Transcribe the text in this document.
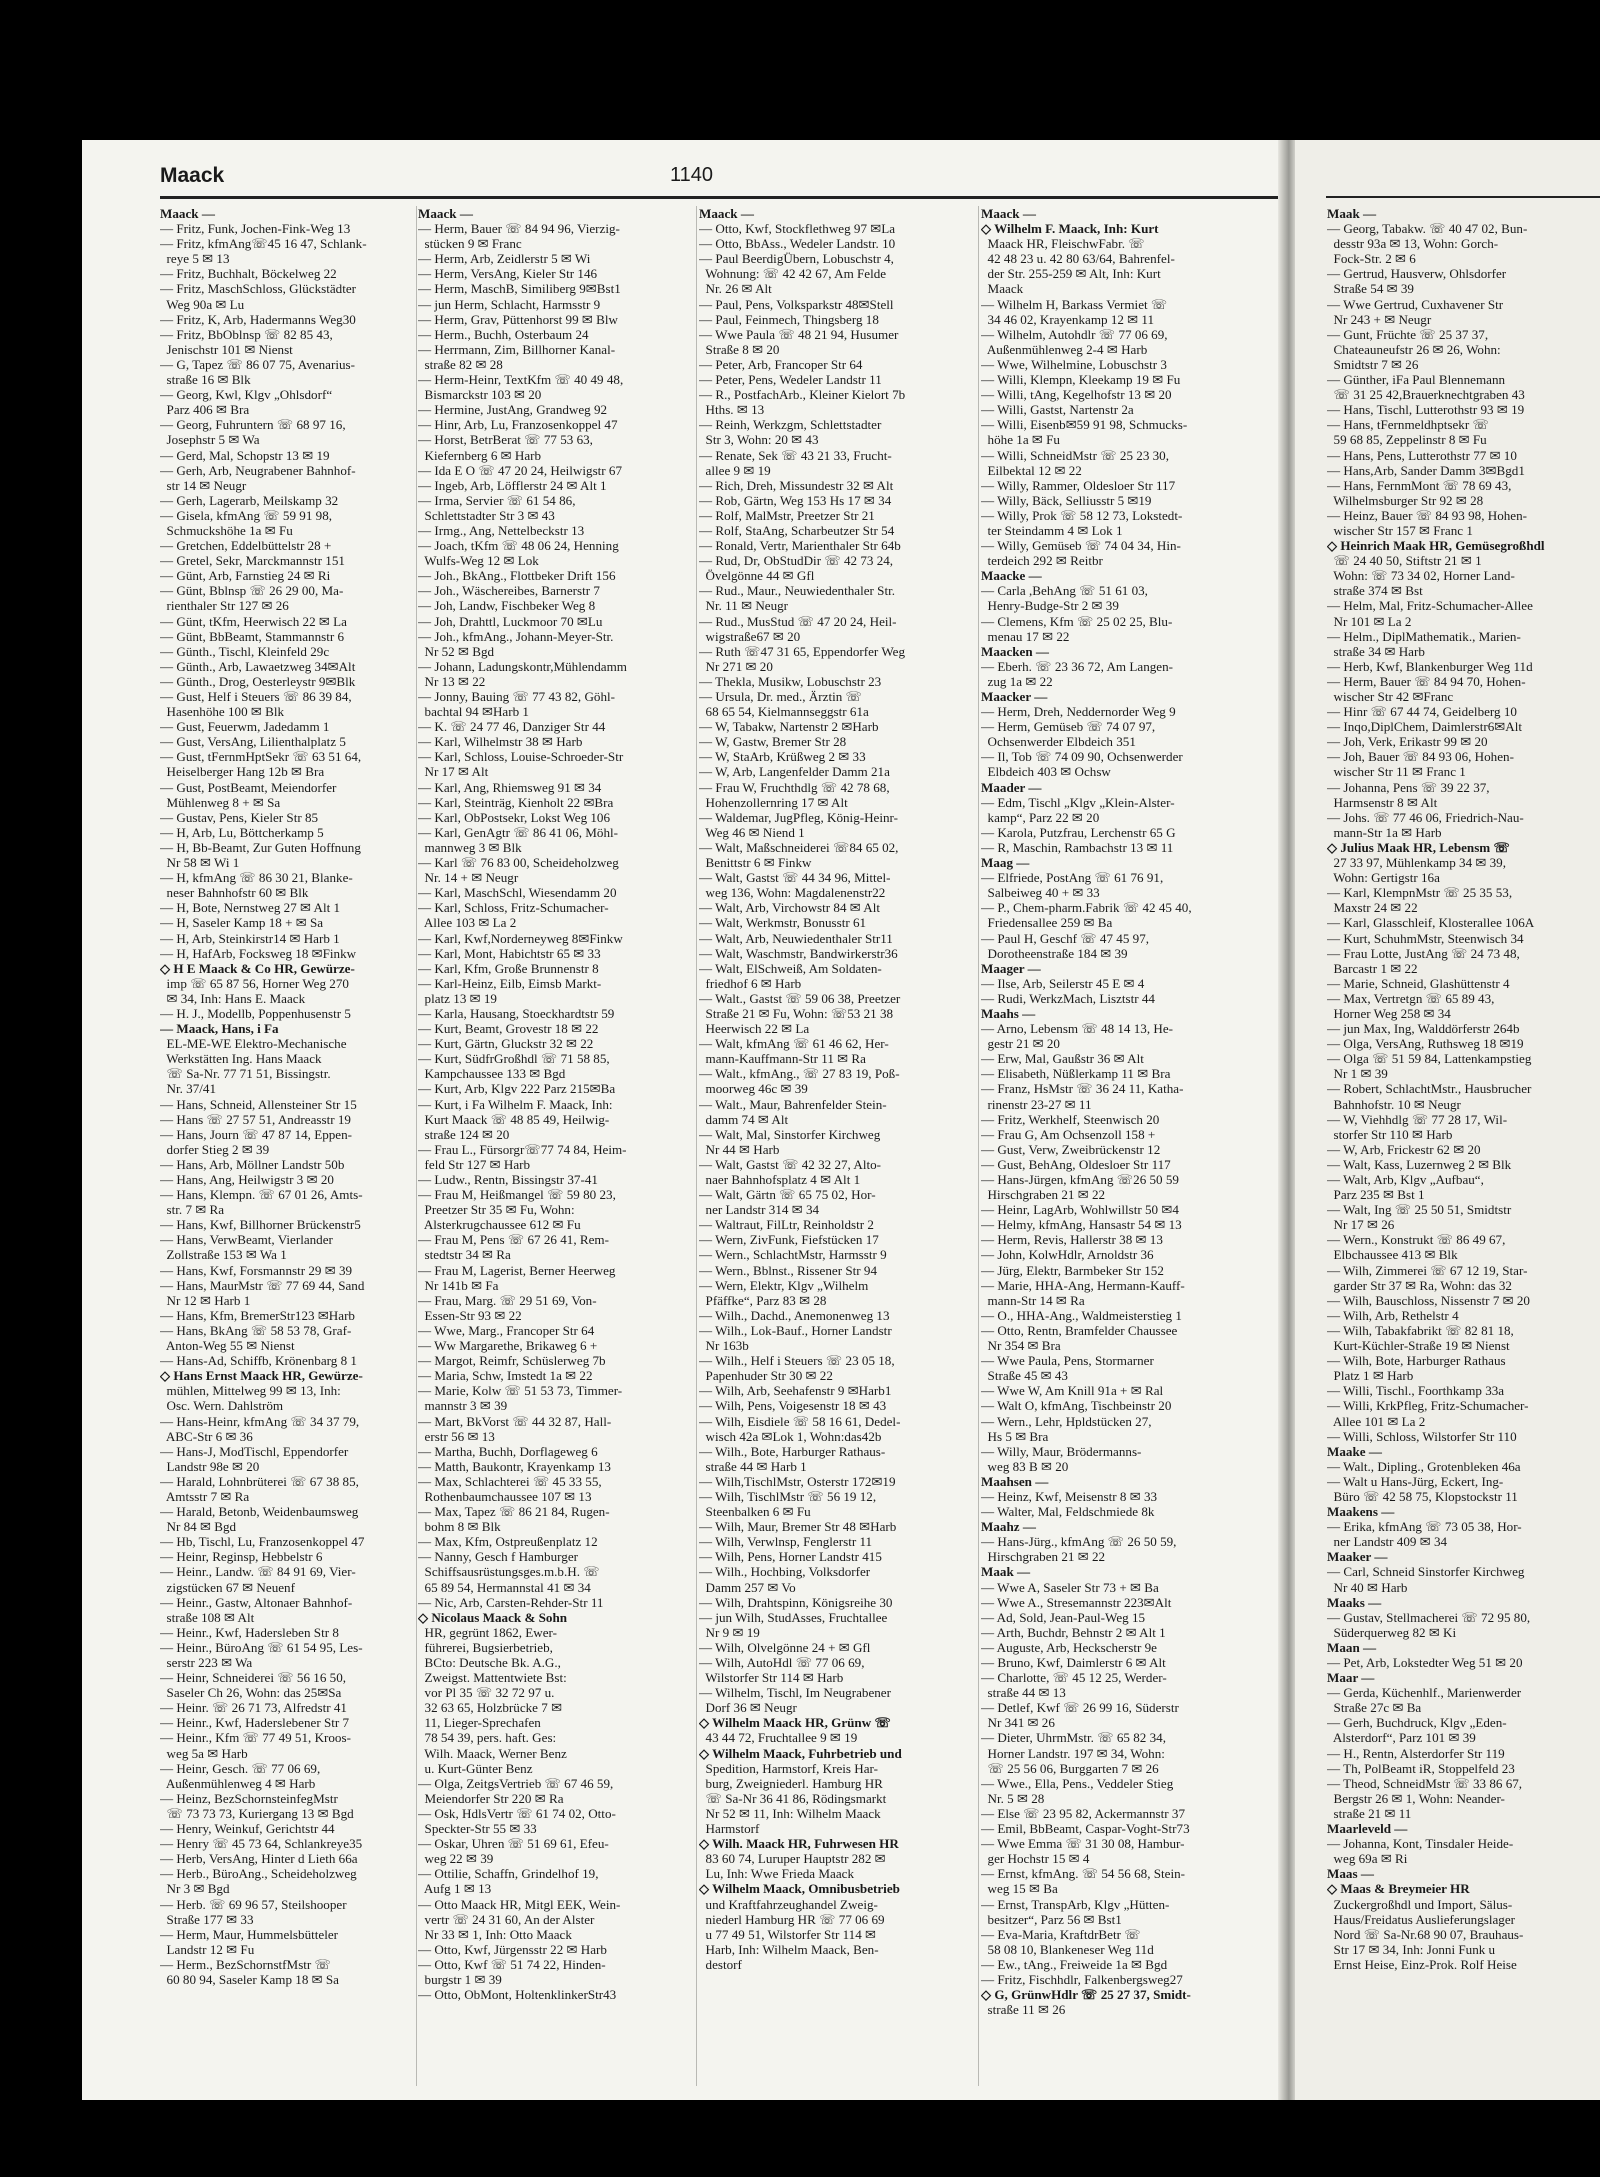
Maack	1140
Maack —
— Fritz, Funk, Jochen-Fink-Weg 13
— Fritz, kfmAng☏45 16 47, Schlank-
reye 5 ✉ 13
— Fritz, Buchhalt, Böckelweg 22
— Fritz, MaschSchloss, Glückstädter
Weg 90a ✉ Lu
— Fritz, K, Arb, Hadermanns Weg30
— Fritz, BbOblnsp ☏ 82 85 43,
Jenischstr 101 ✉ Nienst
— G, Tapez ☏ 86 07 75, Avenarius-
straße 16 ✉ Blk
— Georg, Kwl, Klgv „Ohlsdorf“
Parz 406 ✉ Bra
— Georg, Fuhruntern ☏ 68 97 16,
Josephstr 5 ✉ Wa
— Gerd, Mal, Schopstr 13 ✉ 19
— Gerh, Arb, Neugrabener Bahnhof-
str 14 ✉ Neugr
— Gerh, Lagerarb, Meilskamp 32
— Gisela, kfmAng ☏ 59 91 98,
Schmuckshöhe 1a ✉ Fu
— Gretchen, Eddelbüttelstr 28 +
— Gretel, Sekr, Marckmannstr 151
— Günt, Arb, Farnstieg 24 ✉ Ri
— Günt, Bblnsp ☏ 26 29 00, Ma-
rienthaler Str 127 ✉ 26
— Günt, tKfm, Heerwisch 22 ✉ La
— Günt, BbBeamt, Stammannstr 6
— Günth., Tischl, Kleinfeld 29c
— Günth., Arb, Lawaetzweg 34✉Alt
— Günth., Drog, Oesterleystr 9✉Blk
— Gust, Helf i Steuers ☏ 86 39 84,
Hasenhöhe 100 ✉ Blk
— Gust, Feuerwm, Jadedamm 1
— Gust, VersAng, Lilienthalplatz 5
— Gust, tFernmHptSekr ☏ 63 51 64,
Heiselberger Hang 12b ✉ Bra
— Gust, PostBeamt, Meiendorfer
Mühlenweg 8 + ✉ Sa
— Gustav, Pens, Kieler Str 85
— H, Arb, Lu, Böttcherkamp 5
— H, Bb-Beamt, Zur Guten Hoffnung
Nr 58 ✉ Wi 1
— H, kfmAng ☏ 86 30 21, Blanke-
neser Bahnhofstr 60 ✉ Blk
— H, Bote, Nernstweg 27 ✉ Alt 1
— H, Saseler Kamp 18 + ✉ Sa
— H, Arb, Steinkirstr14 ✉ Harb 1
— H, HafArb, Focksweg 18 ✉Finkw
◇ H E Maack & Co HR, Gewürze-
imp ☏ 65 87 56, Horner Weg 270
✉ 34, Inh: Hans E. Maack
— H. J., Modellb, Poppenhusenstr 5
— Maack, Hans, i Fa
EL-ME-WE Elektro-Mechanische
Werkstätten Ing. Hans Maack
☏ Sa-Nr. 77 71 51, Bissingstr.
Nr. 37/41
— Hans, Schneid, Allensteiner Str 15
— Hans ☏ 27 57 51, Andreasstr 19
— Hans, Journ ☏ 47 87 14, Eppen-
dorfer Stieg 2 ✉ 39
— Hans, Arb, Möllner Landstr 50b
— Hans, Ang, Heilwigstr 3 ✉ 20
— Hans, Klempn. ☏ 67 01 26, Amts-
str. 7 ✉ Ra
— Hans, Kwf, Billhorner Brückenstr5
— Hans, VerwBeamt, Vierlander
Zollstraße 153 ✉ Wa 1
— Hans, Kwf, Forsmannstr 29 ✉ 39
— Hans, MaurMstr ☏ 77 69 44, Sand
Nr 12 ✉ Harb 1
— Hans, Kfm, BremerStr123 ✉Harb
— Hans, BkAng ☏ 58 53 78, Graf-
Anton-Weg 55 ✉ Nienst
— Hans-Ad, Schiffb, Krönenbarg 8 1
◇ Hans Ernst Maack HR, Gewürze-
mühlen, Mittelweg 99 ✉ 13, Inh:
Osc. Wern. Dahlström
— Hans-Heinr, kfmAng ☏ 34 37 79,
ABC-Str 6 ✉ 36
— Hans-J, ModTischl, Eppendorfer
Landstr 98e ✉ 20
— Harald, Lohnbrüterei ☏ 67 38 85,
Amtsstr 7 ✉ Ra
— Harald, Betonb, Weidenbaumsweg
Nr 84 ✉ Bgd
— Hb, Tischl, Lu, Franzosenkoppel 47
— Heinr, Reginsp, Hebbelstr 6
— Heinr., Landw. ☏ 84 91 69, Vier-
zigstücken 67 ✉ Neuenf
— Heinr., Gastw, Altonaer Bahnhof-
straße 108 ✉ Alt
— Heinr., Kwf, Hadersleben Str 8
— Heinr., BüroAng ☏ 61 54 95, Les-
serstr 223 ✉ Wa
— Heinr, Schneiderei ☏ 56 16 50,
Saseler Ch 26, Wohn: das 25✉Sa
— Heinr. ☏ 26 71 73, Alfredstr 41
— Heinr., Kwf, Haderslebener Str 7
— Heinr., Kfm ☏ 77 49 51, Kroos-
weg 5a ✉ Harb
— Heinr, Gesch. ☏ 77 06 69,
Außenmühlenweg 4 ✉ Harb
— Heinz, BezSchornsteinfegMstr
☏ 73 73 73, Kuriergang 13 ✉ Bgd
— Henry, Weinkuf, Gerichtstr 44
— Henry ☏ 45 73 64, Schlankreye35
— Herb, VersAng, Hinter d Lieth 66a
— Herb., BüroAng., Scheideholzweg
Nr 3 ✉ Bgd
— Herb. ☏ 69 96 57, Steilshooper
Straße 177 ✉ 33
— Herm, Maur, Hummelsbütteler
Landstr 12 ✉ Fu
— Herm., BezSchornstfMstr ☏
60 80 94, Saseler Kamp 18 ✉ Sa
Maack —
— Herm, Bauer ☏ 84 94 96, Vierzig-
stücken 9 ✉ Franc
— Herm, Arb, Zeidlerstr 5 ✉ Wi
— Herm, VersAng, Kieler Str 146
— Herm, MaschB, Similiberg 9✉Bst1
— jun Herm, Schlacht, Harmsstr 9
— Herm, Grav, Püttenhorst 99 ✉ Blw
— Herm., Buchh, Osterbaum 24
— Herrmann, Zim, Billhorner Kanal-
straße 82 ✉ 28
— Herm-Heinr, TextKfm ☏ 40 49 48,
Bismarckstr 103 ✉ 20
— Hermine, JustAng, Grandweg 92
— Hinr, Arb, Lu, Franzosenkoppel 47
— Horst, BetrBerat ☏ 77 53 63,
Kiefernberg 6 ✉ Harb
— Ida E O ☏ 47 20 24, Heilwigstr 67
— Ingeb, Arb, Löfflerstr 24 ✉ Alt 1
— Irma, Servier ☏ 61 54 86,
Schlettstadter Str 3 ✉ 43
— Irmg., Ang, Nettelbeckstr 13
— Joach, tKfm ☏ 48 06 24, Henning
Wulfs-Weg 12 ✉ Lok
— Joh., BkAng., Flottbeker Drift 156
— Joh., Wäschereibes, Barnerstr 7
— Joh, Landw, Fischbeker Weg 8
— Joh, Drahttl, Luckmoor 70 ✉Lu
— Joh., kfmAng., Johann-Meyer-Str.
Nr 52 ✉ Bgd
— Johann, Ladungskontr,Mühlendamm
Nr 13 ✉ 22
— Jonny, Bauing ☏ 77 43 82, Göhl-
bachtal 94 ✉Harb 1
— K. ☏ 24 77 46, Danziger Str 44
— Karl, Wilhelmstr 38 ✉ Harb
— Karl, Schloss, Louise-Schroeder-Str
Nr 17 ✉ Alt
— Karl, Ang, Rhiemsweg 91 ✉ 34
— Karl, Steinträg, Kienholt 22 ✉Bra
— Karl, ObPostsekr, Lokst Weg 106
— Karl, GenAgtr ☏ 86 41 06, Möhl-
mannweg 3 ✉ Blk
— Karl ☏ 76 83 00, Scheideholzweg
Nr. 14 + ✉ Neugr
— Karl, MaschSchl, Wiesendamm 20
— Karl, Schloss, Fritz-Schumacher-
Allee 103 ✉ La 2
— Karl, Kwf,Norderneyweg 8✉Finkw
— Karl, Mont, Habichtstr 65 ✉ 33
— Karl, Kfm, Große Brunnenstr 8
— Karl-Heinz, Eilb, Eimsb Markt-
platz 13 ✉ 19
— Karla, Hausang, Stoeckhardtstr 59
— Kurt, Beamt, Grovestr 18 ✉ 22
— Kurt, Gärtn, Gluckstr 32 ✉ 22
— Kurt, SüdfrGroßhdl ☏ 71 58 85,
Kampchaussee 133 ✉ Bgd
— Kurt, Arb, Klgv 222 Parz 215✉Ba
— Kurt, i Fa Wilhelm F. Maack, Inh:
Kurt Maack ☏ 48 85 49, Heilwig-
straße 124 ✉ 20
— Frau L., Fürsorgr☏77 74 84, Heim-
feld Str 127 ✉ Harb
— Ludw., Rentn, Bissingstr 37-41
— Frau M, Heißmangel ☏ 59 80 23,
Preetzer Str 35 ✉ Fu, Wohn:
Alsterkrugchaussee 612 ✉ Fu
— Frau M, Pens ☏ 67 26 41, Rem-
stedtstr 34 ✉ Ra
— Frau M, Lagerist, Berner Heerweg
Nr 141b ✉ Fa
— Frau, Marg. ☏ 29 51 69, Von-
Essen-Str 93 ✉ 22
— Wwe, Marg., Francoper Str 64
— Ww Margarethe, Brikaweg 6 +
— Margot, Reimfr, Schüslerweg 7b
— Maria, Schw, Imstedt 1a ✉ 22
— Marie, Kolw ☏ 51 53 73, Timmer-
mannstr 3 ✉ 39
— Mart, BkVorst ☏ 44 32 87, Hall-
erstr 56 ✉ 13
— Martha, Buchh, Dorflageweg 6
— Matth, Baukontr, Krayenkamp 13
— Max, Schlachterei ☏ 45 33 55,
Rothenbaumchaussee 107 ✉ 13
— Max, Tapez ☏ 86 21 84, Rugen-
bohm 8 ✉ Blk
— Max, Kfm, Ostpreußenplatz 12
— Nanny, Gesch f Hamburger
Schiffsausrüstungsges.m.b.H. ☏
65 89 54, Hermannstal 41 ✉ 34
— Nic, Arb, Carsten-Rehder-Str 11
◇ Nicolaus Maack & Sohn
HR, gegrünt 1862, Ewer-
führerei, Bugsierbetrieb,
BCto: Deutsche Bk. A.G.,
Zweigst. Mattentwiete Bst:
vor Pl 35 ☏ 32 72 97 u.
32 63 65, Holzbrücke 7 ✉
11, Lieger-Sprechafen
78 54 39, pers. haft. Ges:
Wilh. Maack, Werner Benz
u. Kurt-Günter Benz
— Olga, ZeitgsVertrieb ☏ 67 46 59,
Meiendorfer Str 220 ✉ Ra
— Osk, HdlsVertr ☏ 61 74 02, Otto-
Speckter-Str 55 ✉ 33
— Oskar, Uhren ☏ 51 69 61, Efeu-
weg 22 ✉ 39
— Ottilie, Schaffn, Grindelhof 19,
Aufg 1 ✉ 13
— Otto Maack HR, Mitgl EEK, Wein-
vertr ☏ 24 31 60, An der Alster
Nr 33 ✉ 1, Inh: Otto Maack
— Otto, Kwf, Jürgensstr 22 ✉ Harb
— Otto, Kwf ☏ 51 74 22, Hinden-
burgstr 1 ✉ 39
— Otto, ObMont, HoltenklinkerStr43
Maack —
— Otto, Kwf, Stockflethweg 97 ✉La
— Otto, BbAss., Wedeler Landstr. 10
— Paul BeerdigÜbern, Lobuschstr 4,
Wohnung: ☏ 42 42 67, Am Felde
Nr. 26 ✉ Alt
— Paul, Pens, Volksparkstr 48✉Stell
— Paul, Feinmech, Thingsberg 18
— Wwe Paula ☏ 48 21 94, Husumer
Straße 8 ✉ 20
— Peter, Arb, Francoper Str 64
— Peter, Pens, Wedeler Landstr 11
— R., PostfachArb., Kleiner Kielort 7b
Hths. ✉ 13
— Reinh, Werkzgm, Schlettstadter
Str 3, Wohn: 20 ✉ 43
— Renate, Sek ☏ 43 21 33, Frucht-
allee 9 ✉ 19
— Rich, Dreh, Missundestr 32 ✉ Alt
— Rob, Gärtn, Weg 153 Hs 17 ✉ 34
— Rolf, MalMstr, Preetzer Str 21
— Rolf, StaAng, Scharbeutzer Str 54
— Ronald, Vertr, Marienthaler Str 64b
— Rud, Dr, ObStudDir ☏ 42 73 24,
Övelgönne 44 ✉ Gfl
— Rud., Maur., Neuwiedenthaler Str.
Nr. 11 ✉ Neugr
— Rud., MusStud ☏ 47 20 24, Heil-
wigstraße67 ✉ 20
— Ruth ☏47 31 65, Eppendorfer Weg
Nr 271 ✉ 20
— Thekla, Musikw, Lobuschstr 23
— Ursula, Dr. med., Ärztin ☏
68 65 54, Kielmannseggstr 61a
— W, Tabakw, Nartenstr 2 ✉Harb
— W, Gastw, Bremer Str 28
— W, StaArb, Krüßweg 2 ✉ 33
— W, Arb, Langenfelder Damm 21a
— Frau W, Fruchthdlg ☏ 42 78 68,
Hohenzollernring 17 ✉ Alt
— Waldemar, JugPfleg, König-Heinr-
Weg 46 ✉ Niend 1
— Walt, Maßschneiderei ☏84 65 02,
Benittstr 6 ✉ Finkw
— Walt, Gastst ☏ 44 34 96, Mittel-
weg 136, Wohn: Magdalenenstr22
— Walt, Arb, Virchowstr 84 ✉ Alt
— Walt, Werkmstr, Bonusstr 61
— Walt, Arb, Neuwiedenthaler Str11
— Walt, Waschmstr, Bandwirkerstr36
— Walt, ElSchweiß, Am Soldaten-
friedhof 6 ✉ Harb
— Walt., Gastst ☏ 59 06 38, Preetzer
Straße 21 ✉ Fu, Wohn: ☏53 21 38
Heerwisch 22 ✉ La
— Walt, kfmAng ☏ 61 46 62, Her-
mann-Kauffmann-Str 11 ✉ Ra
— Walt., kfmAng., ☏ 27 83 19, Poß-
moorweg 46c ✉ 39
— Walt., Maur, Bahrenfelder Stein-
damm 74 ✉ Alt
— Walt, Mal, Sinstorfer Kirchweg
Nr 44 ✉ Harb
— Walt, Gastst ☏ 42 32 27, Alto-
naer Bahnhofsplatz 4 ✉ Alt 1
— Walt, Gärtn ☏ 65 75 02, Hor-
ner Landstr 314 ✉ 34
— Waltraut, FilLtr, Reinholdstr 2
— Wern, ZivFunk, Fiefstücken 17
— Wern., SchlachtMstr, Harmsstr 9
— Wern., Bblnst., Rissener Str 94
— Wern, Elektr, Klgv „Wilhelm
Pfäffke“, Parz 83 ✉ 28
— Wilh., Dachd., Anemonenweg 13
— Wilh., Lok-Bauf., Horner Landstr
Nr 163b
— Wilh., Helf i Steuers ☏ 23 05 18,
Papenhuder Str 30 ✉ 22
— Wilh, Arb, Seehafenstr 9 ✉Harb1
— Wilh, Pens, Voigesenstr 18 ✉ 43
— Wilh, Eisdiele ☏ 58 16 61, Dedel-
wisch 42a ✉Lok 1, Wohn:das42b
— Wilh., Bote, Harburger Rathaus-
straße 44 ✉ Harb 1
— Wilh,TischlMstr, Osterstr 172✉19
— Wilh, TischlMstr ☏ 56 19 12,
Steenbalken 6 ✉ Fu
— Wilh, Maur, Bremer Str 48 ✉Harb
— Wilh, Verwlnsp, Fenglerstr 11
— Wilh, Pens, Horner Landstr 415
— Wilh., Hochbing, Volksdorfer
Damm 257 ✉ Vo
— Wilh, Drahtspinn, Königsreihe 30
— jun Wilh, StudAsses, Fruchtallee
Nr 9 ✉ 19
— Wilh, Olvelgönne 24 + ✉ Gfl
— Wilh, AutoHdl ☏ 77 06 69,
Wilstorfer Str 114 ✉ Harb
— Wilhelm, Tischl, Im Neugrabener
Dorf 36 ✉ Neugr
◇ Wilhelm Maack HR, Grünw ☏
43 44 72, Fruchtallee 9 ✉ 19
◇ Wilhelm Maack, Fuhrbetrieb und
Spedition, Harmstorf, Kreis Har-
burg, Zweigniederl. Hamburg HR
☏ Sa-Nr 36 41 86, Rödingsmarkt
Nr 52 ✉ 11, Inh: Wilhelm Maack
Harmstorf
◇ Wilh. Maack HR, Fuhrwesen HR
83 60 74, Luruper Hauptstr 282 ✉
Lu, Inh: Wwe Frieda Maack
◇ Wilhelm Maack, Omnibusbetrieb
und Kraftfahrzeughandel Zweig-
niederl Hamburg HR ☏ 77 06 69
u 77 49 51, Wilstorfer Str 114 ✉
Harb, Inh: Wilhelm Maack, Ben-
destorf
Maack —
◇ Wilhelm F. Maack, Inh: Kurt
Maack HR, FleischwFabr. ☏
42 48 23 u. 42 80 63/64, Bahrenfel-
der Str. 255-259 ✉ Alt, Inh: Kurt
Maack
— Wilhelm H, Barkass Vermiet ☏
34 46 02, Krayenkamp 12 ✉ 11
— Wilhelm, Autohdlr ☏ 77 06 69,
Außenmühlenweg 2-4 ✉ Harb
— Wwe, Wilhelmine, Lobuschstr 3
— Willi, Klempn, Kleekamp 19 ✉ Fu
— Willi, tAng, Kegelhofstr 13 ✉ 20
— Willi, Gastst, Nartenstr 2a
— Willi, Eisenb✉59 91 98, Schmucks-
höhe 1a ✉ Fu
— Willi, SchneidMstr ☏ 25 23 30,
Eilbektal 12 ✉ 22
— Willy, Rammer, Oldesloer Str 117
— Willy, Bäck, Selliusstr 5 ✉19
— Willy, Prok ☏ 58 12 73, Lokstedt-
ter Steindamm 4 ✉ Lok 1
— Willy, Gemüseb ☏ 74 04 34, Hin-
terdeich 292 ✉ Reitbr
Maacke —
— Carla ,BehAng ☏ 51 61 03,
Henry-Budge-Str 2 ✉ 39
— Clemens, Kfm ☏ 25 02 25, Blu-
menau 17 ✉ 22
Maacken —
— Eberh. ☏ 23 36 72, Am Langen-
zug 1a ✉ 22
Maacker —
— Herm, Dreh, Neddernorder Weg 9
— Herm, Gemüseb ☏ 74 07 97,
Ochsenwerder Elbdeich 351
— Il, Tob ☏ 74 09 90, Ochsenwerder
Elbdeich 403 ✉ Ochsw
Maader —
— Edm, Tischl „Klgv „Klein-Alster-
kamp“, Parz 22 ✉ 20
— Karola, Putzfrau, Lerchenstr 65 G
— R, Maschin, Rambachstr 13 ✉ 11
Maag —
— Elfriede, PostAng ☏ 61 76 91,
Salbeiweg 40 + ✉ 33
— P., Chem-pharm.Fabrik ☏ 42 45 40,
Friedensallee 259 ✉ Ba
— Paul H, Geschf ☏ 47 45 97,
Dorotheenstraße 184 ✉ 39
Maager —
— Ilse, Arb, Seilerstr 45 E ✉ 4
— Rudi, WerkzMach, Lisztstr 44
Maahs —
— Arno, Lebensm ☏ 48 14 13, He-
gestr 21 ✉ 20
— Erw, Mal, Gaußstr 36 ✉ Alt
— Elisabeth, Nüßlerkamp 11 ✉ Bra
— Franz, HsMstr ☏ 36 24 11, Katha-
rinenstr 23-27 ✉ 11
— Fritz, Werkhelf, Steenwisch 20
— Frau G, Am Ochsenzoll 158 +
— Gust, Verw, Zweibrückenstr 12
— Gust, BehAng, Oldesloer Str 117
— Hans-Jürgen, kfmAng ☏26 50 59
Hirschgraben 21 ✉ 22
— Heinr, LagArb, Wohlwillstr 50 ✉4
— Helmy, kfmAng, Hansastr 54 ✉ 13
— Herm, Revis, Hallerstr 38 ✉ 13
— John, KolwHdlr, Arnoldstr 36
— Jürg, Elektr, Barmbeker Str 152
— Marie, HHA-Ang, Hermann-Kauff-
mann-Str 14 ✉ Ra
— O., HHA-Ang., Waldmeisterstieg 1
— Otto, Rentn, Bramfelder Chaussee
Nr 354 ✉ Bra
— Wwe Paula, Pens, Stormarner
Straße 45 ✉ 43
— Wwe W, Am Knill 91a + ✉ Ral
— Walt O, kfmAng, Tischbeinstr 20
— Wern., Lehr, Hpldstücken 27,
Hs 5 ✉ Bra
— Willy, Maur, Brödermanns-
weg 83 B ✉ 20
Maahsen —
— Heinz, Kwf, Meisenstr 8 ✉ 33
— Walter, Mal, Feldschmiede 8k
Maahz —
— Hans-Jürg., kfmAng ☏ 26 50 59,
Hirschgraben 21 ✉ 22
Maak —
— Wwe A, Saseler Str 73 + ✉ Ba
— Wwe A., Stresemannstr 223✉Alt
— Ad, Sold, Jean-Paul-Weg 15
— Arth, Buchdr, Behnstr 2 ✉ Alt 1
— Auguste, Arb, Heckscherstr 9e
— Bruno, Kwf, Daimlerstr 6 ✉ Alt
— Charlotte, ☏ 45 12 25, Werder-
straße 44 ✉ 13
— Detlef, Kwf ☏ 26 99 16, Süderstr
Nr 341 ✉ 26
— Dieter, UhrmMstr. ☏ 65 82 34,
Horner Landstr. 197 ✉ 34, Wohn:
☏ 25 56 06, Burggarten 7 ✉ 26
— Wwe., Ella, Pens., Veddeler Stieg
Nr. 5 ✉ 28
— Else ☏ 23 95 82, Ackermannstr 37
— Emil, BbBeamt, Caspar-Voght-Str73
— Wwe Emma ☏ 31 30 08, Hambur-
ger Hochstr 15 ✉ 4
— Ernst, kfmAng. ☏ 54 56 68, Stein-
weg 15 ✉ Ba
— Ernst, TranspArb, Klgv „Hütten-
besitzer“, Parz 56 ✉ Bst1
— Eva-Maria, KraftdrBetr ☏
58 08 10, Blankeneser Weg 11d
— Ew., tAng., Freiweide 1a ✉ Bgd
— Fritz, Fischhdlr, Falkenbergsweg27
◇ G, GrünwHdlr ☏ 25 27 37, Smidt-
straße 11 ✉ 26
Maak —
— Georg, Tabakw. ☏ 40 47 02, Bun-
desstr 93a ✉ 13, Wohn: Gorch-
Fock-Str. 2 ✉ 6
— Gertrud, Hausverw, Ohlsdorfer
Straße 54 ✉ 39
— Wwe Gertrud, Cuxhavener Str
Nr 243 + ✉ Neugr
— Gunt, Früchte ☏ 25 37 37,
Chateauneufstr 26 ✉ 26, Wohn:
Smidtstr 7 ✉ 26
— Günther, iFa Paul Blennemann
☏ 31 25 42,Brauerknechtgraben 43
— Hans, Tischl, Lutterothstr 93 ✉ 19
— Hans, tFernmeldhptsekr ☏
59 68 85, Zeppelinstr 8 ✉ Fu
— Hans, Pens, Lutterothstr 77 ✉ 10
— Hans,Arb, Sander Damm 3✉Bgd1
— Hans, FernmMont ☏ 78 69 43,
Wilhelmsburger Str 92 ✉ 28
— Heinz, Bauer ☏ 84 93 98, Hohen-
wischer Str 157 ✉ Franc 1
◇ Heinrich Maak HR, Gemüsegroßhdl
☏ 24 40 50, Stiftstr 21 ✉ 1
Wohn: ☏ 73 34 02, Horner Land-
straße 374 ✉ Bst
— Helm, Mal, Fritz-Schumacher-Allee
Nr 101 ✉ La 2
— Helm., DiplMathematik., Marien-
straße 34 ✉ Harb
— Herb, Kwf, Blankenburger Weg 11d
— Herm, Bauer ☏ 84 94 70, Hohen-
wischer Str 42 ✉Franc
— Hinr ☏ 67 44 74, Geidelberg 10
— Inqo,DiplChem, Daimlerstr6✉Alt
— Joh, Verk, Erikastr 99 ✉ 20
— Joh, Bauer ☏ 84 93 06, Hohen-
wischer Str 11 ✉ Franc 1
— Johanna, Pens ☏ 39 22 37,
Harmsenstr 8 ✉ Alt
— Johs. ☏ 77 46 06, Friedrich-Nau-
mann-Str 1a ✉ Harb
◇ Julius Maak HR, Lebensm ☏
27 33 97, Mühlenkamp 34 ✉ 39,
Wohn: Gertigstr 16a
— Karl, KlempnMstr ☏ 25 35 53,
Maxstr 24 ✉ 22
— Karl, Glasschleif, Klosterallee 106A
— Kurt, SchuhmMstr, Steenwisch 34
— Frau Lotte, JustAng ☏ 24 73 48,
Barcastr 1 ✉ 22
— Marie, Schneid, Glashüttenstr 4
— Max, Vertretgn ☏ 65 89 43,
Horner Weg 258 ✉ 34
— jun Max, Ing, Walddörferstr 264b
— Olga, VersAng, Ruthsweg 18 ✉19
— Olga ☏ 51 59 84, Lattenkampstieg
Nr 1 ✉ 39
— Robert, SchlachtMstr., Hausbrucher
Bahnhofstr. 10 ✉ Neugr
— W, Viehhdlg ☏ 77 28 17, Wil-
storfer Str 110 ✉ Harb
— W, Arb, Frickestr 62 ✉ 20
— Walt, Kass, Luzernweg 2 ✉ Blk
— Walt, Arb, Klgv „Aufbau“,
Parz 235 ✉ Bst 1
— Walt, Ing ☏ 25 50 51, Smidtstr
Nr 17 ✉ 26
— Wern., Konstrukt ☏ 86 49 67,
Elbchaussee 413 ✉ Blk
— Wilh, Zimmerei ☏ 67 12 19, Star-
garder Str 37 ✉ Ra, Wohn: das 32
— Wilh, Bauschloss, Nissenstr 7 ✉ 20
— Wilh, Arb, Rethelstr 4
— Wilh, Tabakfabrikt ☏ 82 81 18,
Kurt-Küchler-Straße 19 ✉ Nienst
— Wilh, Bote, Harburger Rathaus
Platz 1 ✉ Harb
— Willi, Tischl., Foorthkamp 33a
— Willi, KrkPfleg, Fritz-Schumacher-
Allee 101 ✉ La 2
— Willi, Schloss, Wilstorfer Str 110
Maake —
— Walt., Dipling., Grotenbleken 46a
— Walt u Hans-Jürg, Eckert, Ing-
Büro ☏ 42 58 75, Klopstockstr 11
Maakens —
— Erika, kfmAng ☏ 73 05 38, Hor-
ner Landstr 409 ✉ 34
Maaker —
— Carl, Schneid Sinstorfer Kirchweg
Nr 40 ✉ Harb
Maaks —
— Gustav, Stellmacherei ☏ 72 95 80,
Süderquerweg 82 ✉ Ki
Maan —
— Pet, Arb, Lokstedter Weg 51 ✉ 20
Maar —
— Gerda, Küchenhlf., Marienwerder
Straße 27c ✉ Ba
— Gerh, Buchdruck, Klgv „Eden-
Alsterdorf“, Parz 101 ✉ 39
— H., Rentn, Alsterdorfer Str 119
— Th, PolBeamt iR, Stoppelfeld 23
— Theod, SchneidMstr ☏ 33 86 67,
Bergstr 26 ✉ 1, Wohn: Neander-
straße 21 ✉ 11
Maarleveld —
— Johanna, Kont, Tinsdaler Heide-
weg 69a ✉ Ri
Maas —
◇ Maas & Breymeier HR
Zuckergroßhdl und Import, Sälus-
Haus/Freidatus Auslieferungslager
Nord ☏ Sa-Nr.68 90 07, Brauhaus-
Str 17 ✉ 34, Inh: Jonni Funk u
Ernst Heise, Einz-Prok. Rolf Heise
